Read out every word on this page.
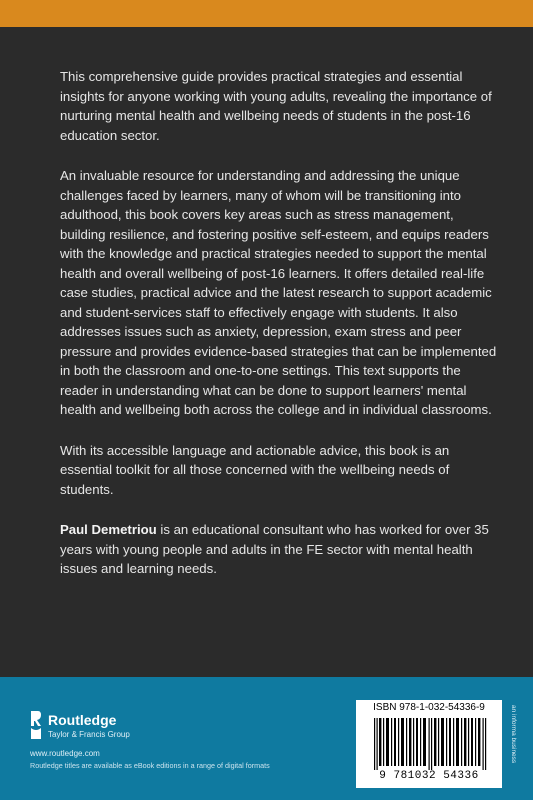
This comprehensive guide provides practical strategies and essential insights for anyone working with young adults, revealing the importance of nurturing mental health and wellbeing needs of students in the post-16 education sector.

An invaluable resource for understanding and addressing the unique challenges faced by learners, many of whom will be transitioning into adulthood, this book covers key areas such as stress management, building resilience, and fostering positive self-esteem, and equips readers with the knowledge and practical strategies needed to support the mental health and overall wellbeing of post-16 learners. It offers detailed real-life case studies, practical advice and the latest research to support academic and student-services staff to effectively engage with students. It also addresses issues such as anxiety, depression, exam stress and peer pressure and provides evidence-based strategies that can be implemented in both the classroom and one-to-one settings. This text supports the reader in understanding what can be done to support learners' mental health and wellbeing both across the college and in individual classrooms.

With its accessible language and actionable advice, this book is an essential toolkit for all those concerned with the wellbeing needs of students.

Paul Demetriou is an educational consultant who has worked for over 35 years with young people and adults in the FE sector with mental health issues and learning needs.

Routledge
Taylor & Francis Group
www.routledge.com
Routledge titles are available as eBook editions in a range of digital formats
ISBN 978-1-032-54336-9
9 781032 54336
an informa business
